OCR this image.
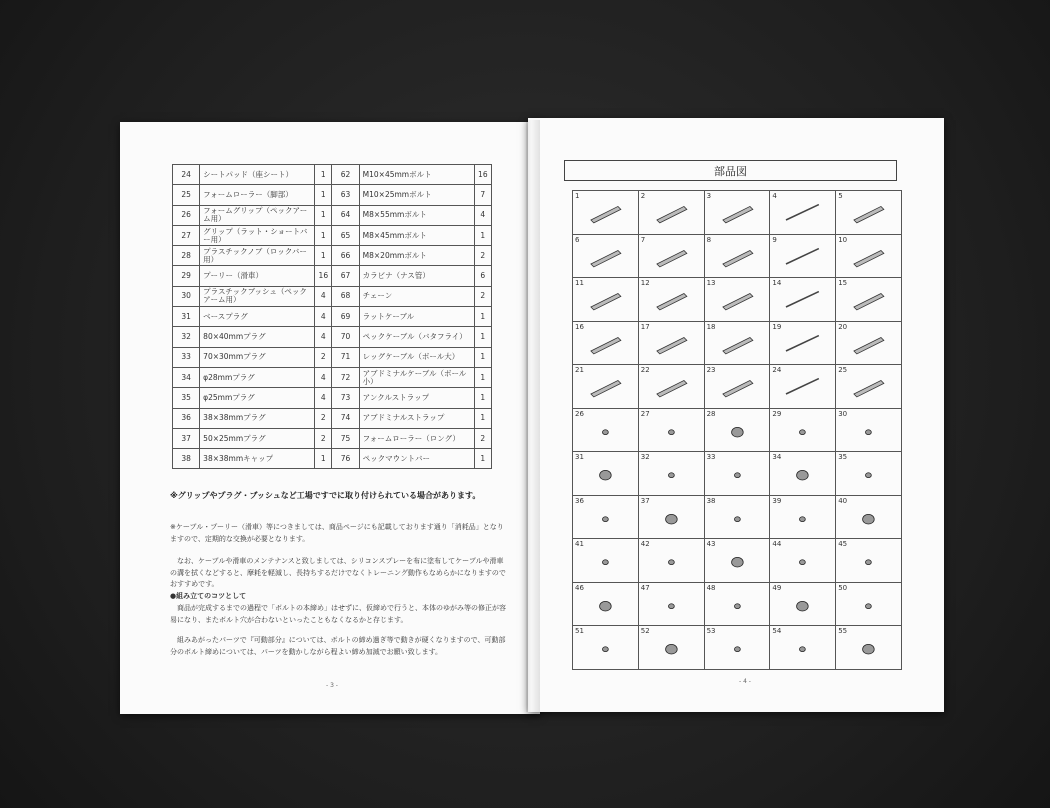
24	シートパッド（座シート）	1	62	M10×45mmボルト	16
25	フォームローラー（脚部）	1	63	M10×25mmボルト	7
26	フォームグリップ（ペックアーム用）	1	64	M8×55mmボルト	4
27	グリップ（ラット・ショートバー用）	1	65	M8×45mmボルト	1
28	プラスチックノブ（ロックバー用）	1	66	M8×20mmボルト	2
29	プーリー（滑車）	16	67	カラビナ（ナス管）	6
30	プラスチックブッシュ（ペックアーム用）	4	68	チェーン	2
31	ベースプラグ	4	69	ラットケーブル	1
32	80×40mmプラグ	4	70	ペックケーブル（バタフライ）	1
33	70×30mmプラグ	2	71	レッグケーブル（ボール大）	1
34	φ28mmプラグ	4	72	アブドミナルケーブル（ボール小）	1
35	φ25mmプラグ	4	73	アンクルストラップ	1
36	38×38mmプラグ	2	74	アブドミナルストラップ	1
37	50×25mmプラグ	2	75	フォームローラー（ロング）	2
38	38×38mmキャップ	1	76	ペックマウントバー	1
※グリップやプラグ・ブッシュなど工場ですでに取り付けられている場合があります。
※ケーブル・プーリー（滑車）等につきましては、商品ページにも記載しております通り「消耗品」となりますので、定期的な交換が必要となります。
なお、ケーブルや滑車のメンテナンスと致しましては、シリコンスプレーを布に塗布してケーブルや滑車の溝を拭くなどすると、摩耗を軽減し、長持ちするだけでなくトレーニング動作もなめらかになりますのでおすすめです。
●組み立てのコツとして
商品が完成するまでの過程で「ボルトの本締め」はせずに、仮締めで行うと、本体のゆがみ等の修正が容易になり、またボルト穴が合わないといったこともなくなるかと存じます。
組みあがったパーツで『可動部分』については、ボルトの締め過ぎ等で動きが硬くなりますので、可動部分のボルト締めについては、パーツを動かしながら程よい締め加減でお願い致します。
- 3 -
部品図
1	2	3	4	5
6	7	8	9	10
11	12	13	14	15
16	17	18	19	20
21	22	23	24	25
26	27	28	29	30
31	32	33	34	35
36	37	38	39	40
41	42	43	44	45
46	47	48	49	50
51	52	53	54	55
- 4 -
